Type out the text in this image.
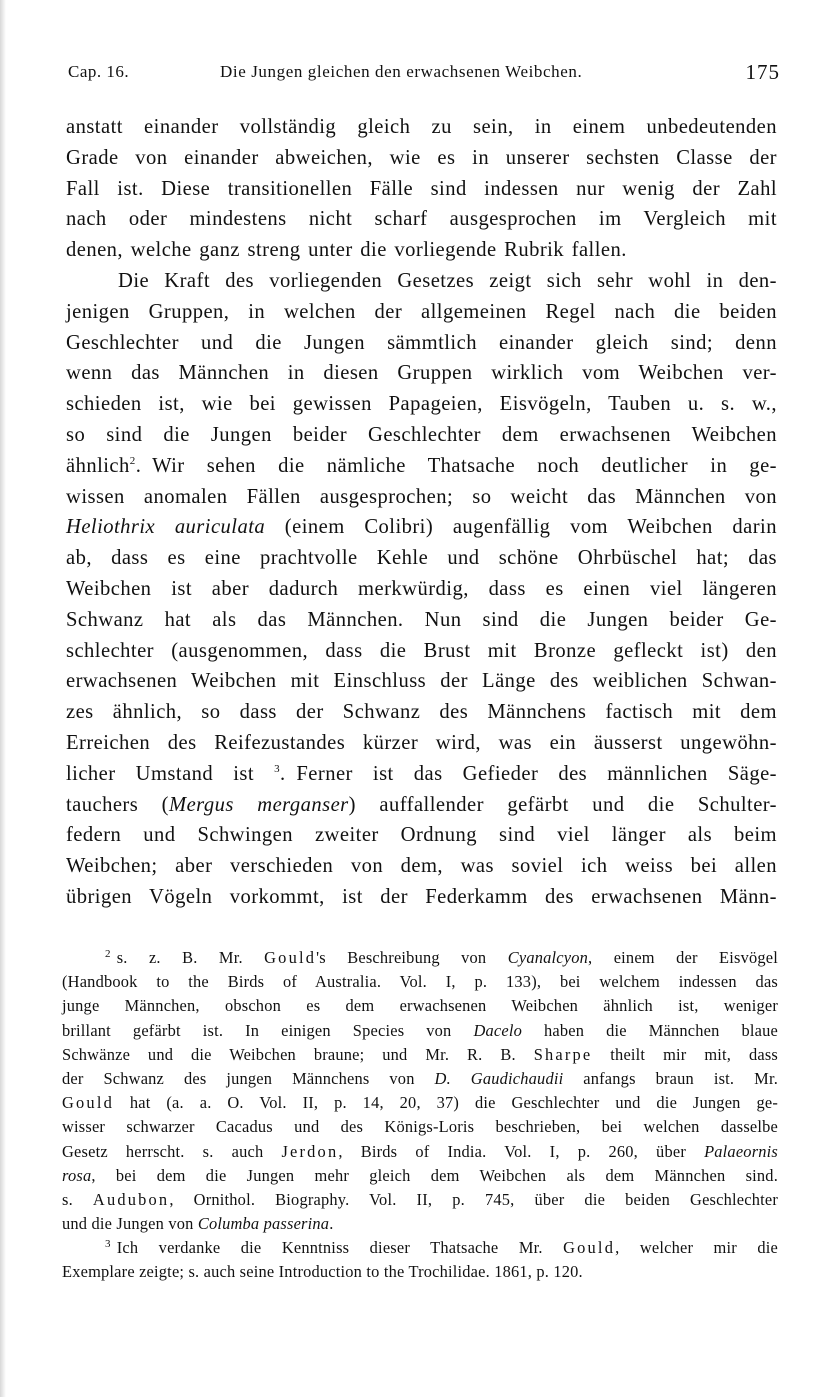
Cap. 16.	Die Jungen gleichen den erwachsenen Weibchen.	175
anstatt einander vollständig gleich zu sein, in einem unbedeutenden
Grade von einander abweichen, wie es in unserer sechsten Classe der
Fall ist. Diese transitionellen Fälle sind indessen nur wenig der Zahl
nach oder mindestens nicht scharf ausgesprochen im Vergleich mit
denen, welche ganz streng unter die vorliegende Rubrik fallen.
Die Kraft des vorliegenden Gesetzes zeigt sich sehr wohl in den-
jenigen Gruppen, in welchen der allgemeinen Regel nach die beiden
Geschlechter und die Jungen sämmtlich einander gleich sind; denn
wenn das Männchen in diesen Gruppen wirklich vom Weibchen ver-
schieden ist, wie bei gewissen Papageien, Eisvögeln, Tauben u. s. w.,
so sind die Jungen beider Geschlechter dem erwachsenen Weibchen
ähnlich$^2$. Wir sehen die nämliche Thatsache noch deutlicher in ge-
wissen anomalen Fällen ausgesprochen; so weicht das Männchen von
Heliothrix auriculata (einem Colibri) augenfällig vom Weibchen darin
ab, dass es eine prachtvolle Kehle und schöne Ohrbüschel hat; das
Weibchen ist aber dadurch merkwürdig, dass es einen viel längeren
Schwanz hat als das Männchen. Nun sind die Jungen beider Ge-
schlechter (ausgenommen, dass die Brust mit Bronze gefleckt ist) den
erwachsenen Weibchen mit Einschluss der Länge des weiblichen Schwan-
zes ähnlich, so dass der Schwanz des Männchens factisch mit dem
Erreichen des Reifezustandes kürzer wird, was ein äusserst ungewöhn-
licher Umstand ist $^3$. Ferner ist das Gefieder des männlichen Säge-
tauchers (Mergus merganser) auffallender gefärbt und die Schulter-
federn und Schwingen zweiter Ordnung sind viel länger als beim
Weibchen; aber verschieden von dem, was soviel ich weiss bei allen
übrigen Vögeln vorkommt, ist der Federkamm des erwachsenen Männ-
$^2$ s. z. B. Mr. Gould's Beschreibung von Cyanalcyon, einem der Eisvögel
(Handbook to the Birds of Australia. Vol. I, p. 133), bei welchem indessen das
junge Männchen, obschon es dem erwachsenen Weibchen ähnlich ist, weniger
brillant gefärbt ist. In einigen Species von Dacelo haben die Männchen blaue
Schwänze und die Weibchen braune; und Mr. R. B. Sharpe theilt mir mit, dass
der Schwanz des jungen Männchens von D. Gaudichaudii anfangs braun ist. Mr.
Gould hat (a. a. O. Vol. II, p. 14, 20, 37) die Geschlechter und die Jungen ge-
wisser schwarzer Cacadus und des Königs-Loris beschrieben, bei welchen dasselbe
Gesetz herrscht. s. auch Jerdon, Birds of India. Vol. I, p. 260, über Palaeornis
rosa, bei dem die Jungen mehr gleich dem Weibchen als dem Männchen sind.
s. Audubon, Ornithol. Biography. Vol. II, p. 745, über die beiden Geschlechter
und die Jungen von Columba passerina.
$^3$ Ich verdanke die Kenntniss dieser Thatsache Mr. Gould, welcher mir die
Exemplare zeigte; s. auch seine Introduction to the Trochilidae. 1861, p. 120.
